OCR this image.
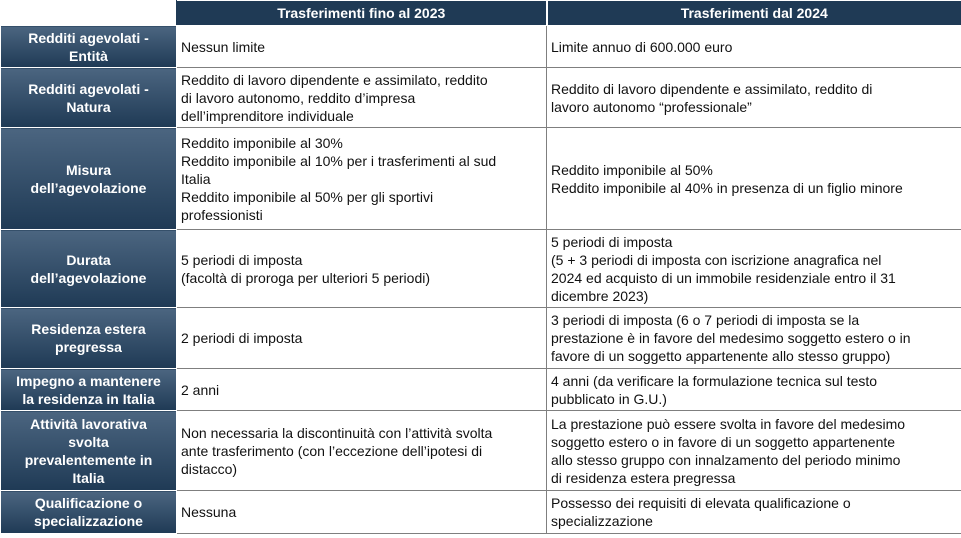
	Trasferimenti fino al 2023	Trasferimenti dal 2024

Redditi agevolati -
Entità	Nessun limite	Limite annuo di 600.000 euro

Redditi agevolati -
Natura	Reddito di lavoro dipendente e assimilato, reddito
di lavoro autonomo, reddito d’impresa
dell’imprenditore individuale	Reddito di lavoro dipendente e assimilato, reddito di
lavoro autonomo “professionale”

Misura
dell’agevolazione	Reddito imponibile al 30%
Reddito imponibile al 10% per i trasferimenti al sud
Italia
Reddito imponibile al 50% per gli sportivi
professionisti	Reddito imponibile al 50%
Reddito imponibile al 40% in presenza di un figlio minore

Durata
dell’agevolazione	5 periodi di imposta
(facoltà di proroga per ulteriori 5 periodi)	5 periodi di imposta
(5 + 3 periodi di imposta con iscrizione anagrafica nel
2024 ed acquisto di un immobile residenziale entro il 31
dicembre 2023)

Residenza estera
pregressa	2 periodi di imposta	3 periodi di imposta (6 o 7 periodi di imposta se la
prestazione è in favore del medesimo soggetto estero o in
favore di un soggetto appartenente allo stesso gruppo)

Impegno a mantenere
la residenza in Italia	2 anni	4 anni (da verificare la formulazione tecnica sul testo
pubblicato in G.U.)

Attività lavorativa
svolta
prevalentemente in
Italia	Non necessaria la discontinuità con l’attività svolta
ante trasferimento (con l’eccezione dell’ipotesi di
distacco)	La prestazione può essere svolta in favore del medesimo
soggetto estero o in favore di un soggetto appartenente
allo stesso gruppo con innalzamento del periodo minimo
di residenza estera pregressa

Qualificazione o
specializzazione	Nessuna	Possesso dei requisiti di elevata qualificazione o
specializzazione
